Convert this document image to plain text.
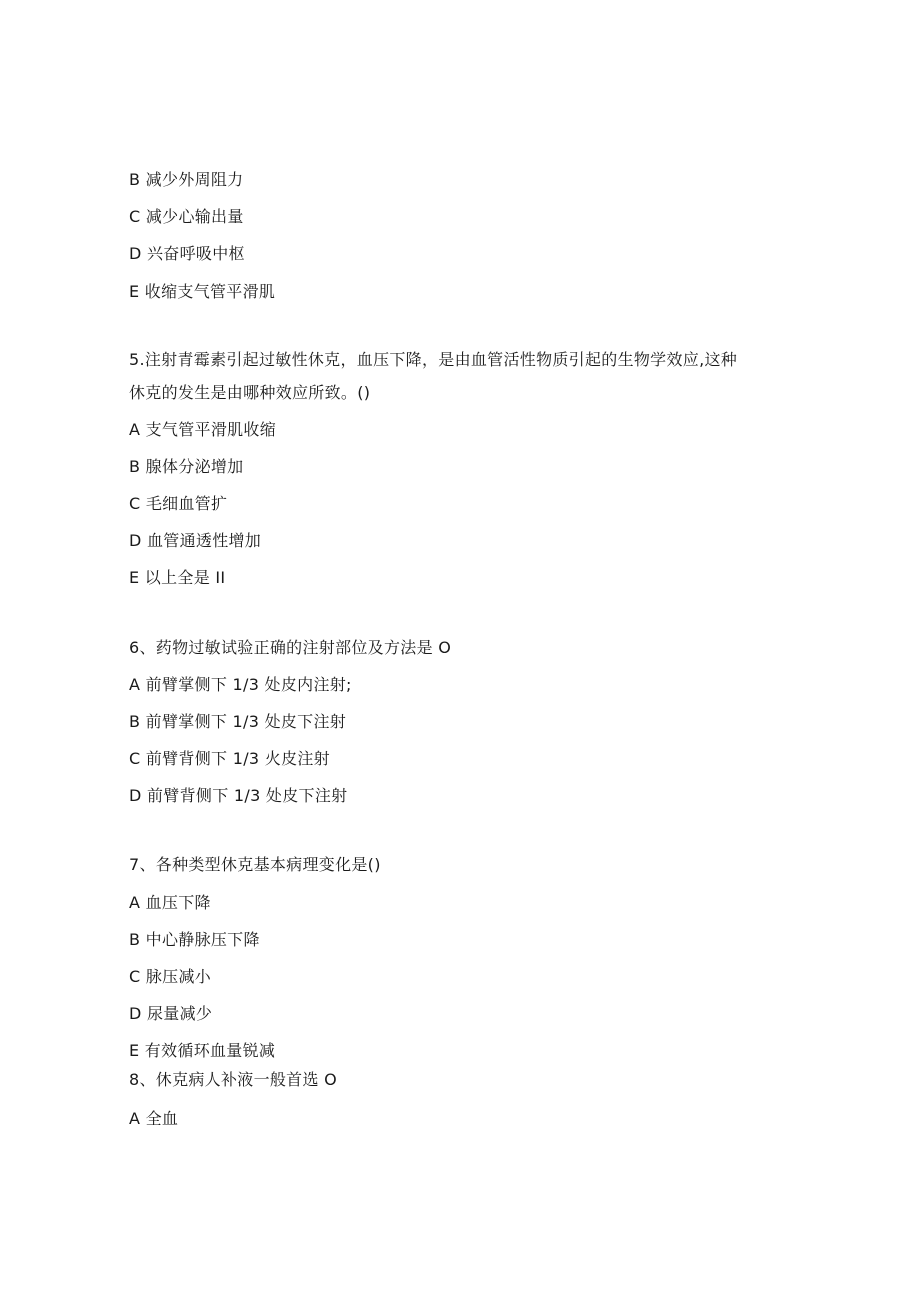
B 减少外周阻力
C 减少心输出量
D 兴奋呼吸中枢
E 收缩支气管平滑肌
5.注射青霉素引起过敏性休克，血压下降，是由血管活性物质引起的生物学效应,这种
休克的发生是由哪种效应所致。()
A 支气管平滑肌收缩
B 腺体分泌增加
C 毛细血管扩
D 血管通透性增加
E 以上全是 II
6、药物过敏试验正确的注射部位及方法是 O
A 前臂掌侧下 1/3 处皮内注射;
B 前臂掌侧下 1/3 处皮下注射
C 前臂背侧下 1/3 火皮注射
D 前臂背侧下 1/3 处皮下注射
7、各种类型休克基本病理变化是()
A 血压下降
B 中心静脉压下降
C 脉压减小
D 尿量减少
E 有效循环血量锐减
8、休克病人补液一般首选 O
A 全血
